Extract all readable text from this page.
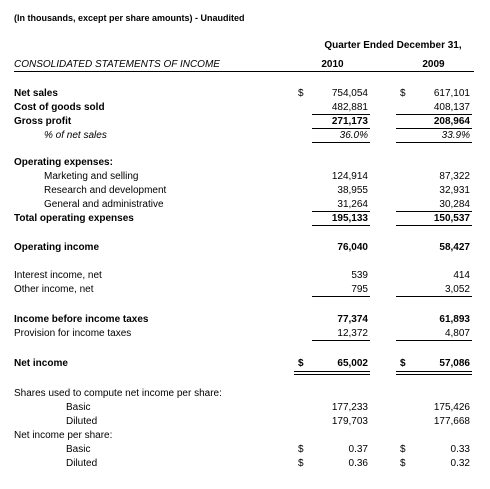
(In thousands, except per share amounts) - Unaudited
Quarter Ended December 31,
CONSOLIDATED STATEMENTS OF INCOME	2010	2009
Net sales	$	754,054	$	617,101
Cost of goods sold	482,881	408,137
Gross profit	271,173	208,964
% of net sales	36.0%	33.9%
Operating expenses:
Marketing and selling	124,914	87,322
Research and development	38,955	32,931
General and administrative	31,264	30,284
Total operating expenses	195,133	150,537
Operating income	76,040	58,427
Interest income, net	539	414
Other income, net	795	3,052
Income before income taxes	77,374	61,893
Provision for income taxes	12,372	4,807
Net income	$	65,002	$	57,086
Shares used to compute net income per share:
Basic	177,233	175,426
Diluted	179,703	177,668
Net income per share:
Basic	$	0.37	$	0.33
Diluted	$	0.36	$	0.32
